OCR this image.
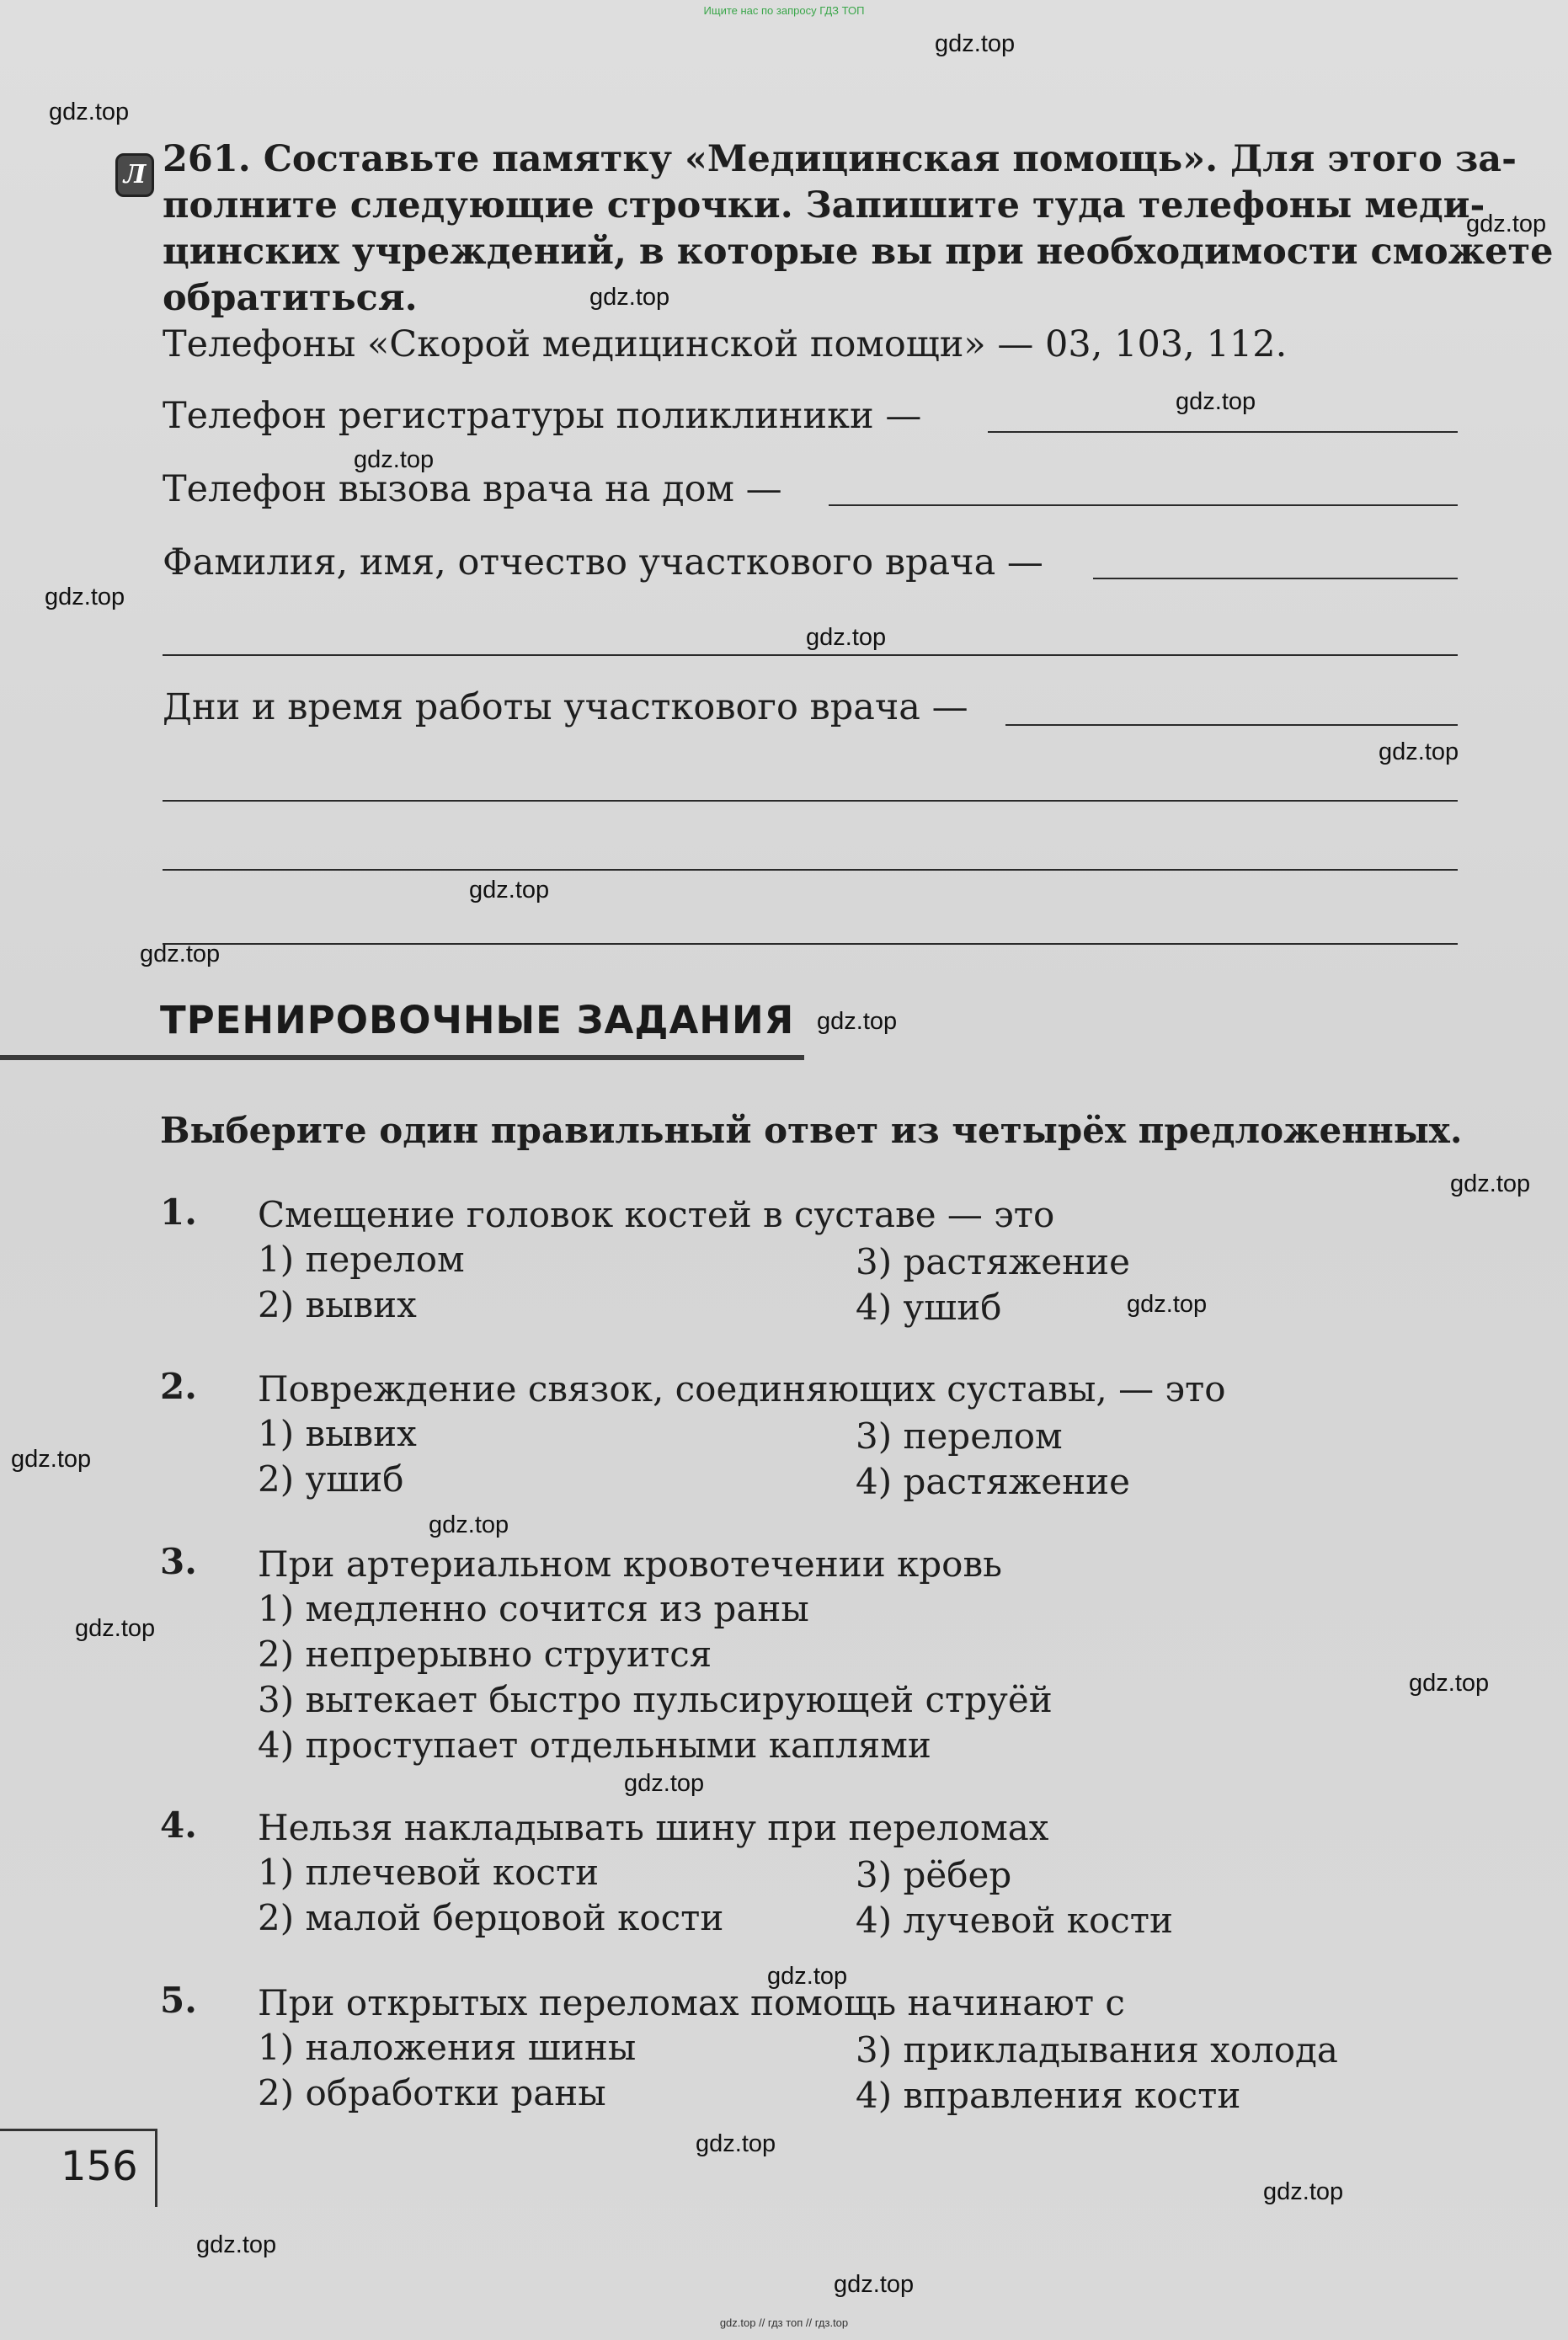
Ищите нас по запросу ГДЗ ТОП
gdz.top
gdz.top
gdz.top
gdz.top
gdz.top
gdz.top
gdz.top
gdz.top
gdz.top
gdz.top
gdz.top
gdz.top
gdz.top
gdz.top
gdz.top
gdz.top
gdz.top
gdz.top
gdz.top
gdz.top
gdz.top
gdz.top
gdz.top
gdz.top
Л 261. Составьте памятку «Медицинская помощь». Для этого за-
полните следующие строчки. Запишите туда телефоны меди-
цинских учреждений, в которые вы при необходимости сможете
обратиться.
Телефоны «Скорой медицинской помощи» — 03, 103, 112.
Телефон регистратуры поликлиники —
Телефон вызова врача на дом —
Фамилия, имя, отчество участкового врача —
Дни и время работы участкового врача —
ТРЕНИРОВОЧНЫЕ ЗАДАНИЯ
Выберите один правильный ответ из четырёх предложенных.
1. Смещение головок костей в суставе — это
1) перелом	3) растяжение
2) вывих	4) ушиб
2. Повреждение связок, соединяющих суставы, — это
1) вывих	3) перелом
2) ушиб	4) растяжение
3. При артериальном кровотечении кровь
1) медленно сочится из раны
2) непрерывно струится
3) вытекает быстро пульсирующей струёй
4) проступает отдельными каплями
4. Нельзя накладывать шину при переломах
1) плечевой кости	3) рёбер
2) малой берцовой кости	4) лучевой кости
5. При открытых переломах помощь начинают с
1) наложения шины	3) прикладывания холода
2) обработки раны	4) вправления кости
156
gdz.top // гдз топ // гдз.top
